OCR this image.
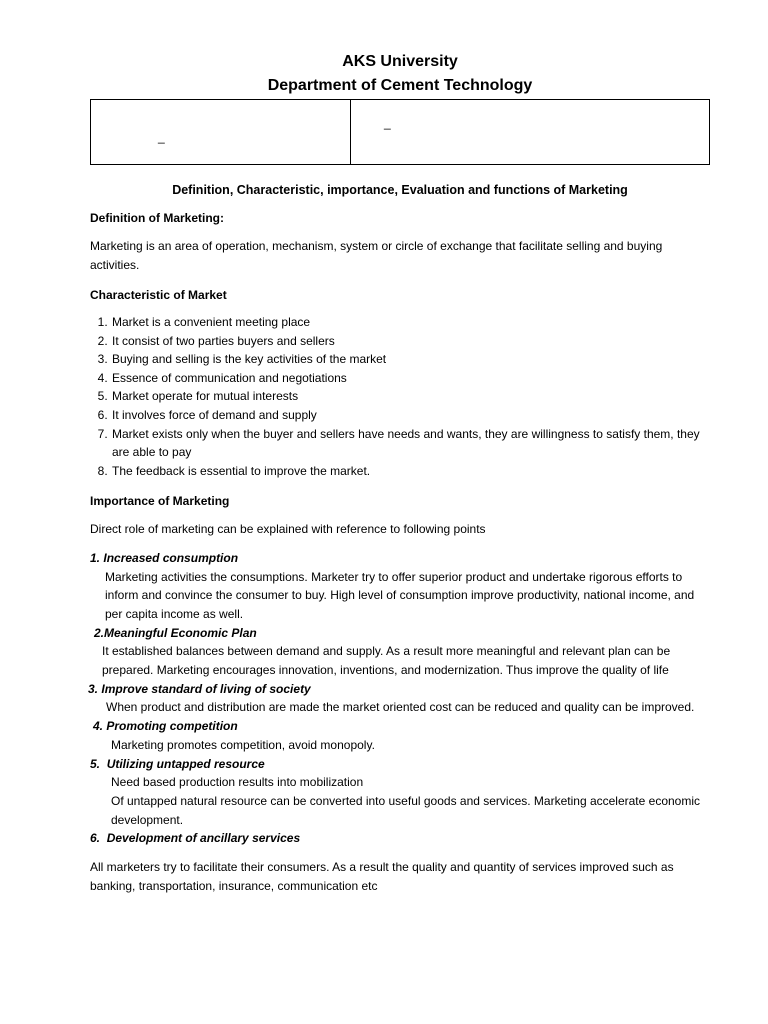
AKS University
Department of Cement Technology
_
_
Definition, Characteristic, importance, Evaluation and functions of Marketing
Definition of Marketing:
Marketing is an area of operation, mechanism, system or circle of exchange that facilitate selling and buying activities.
Characteristic of Market
1. Market is a convenient meeting place
2. It consist of two parties buyers and sellers
3. Buying and selling is the key activities of the market
4. Essence of communication and negotiations
5. Market operate for mutual interests
6. It involves force of demand and supply
7. Market exists only when the buyer and sellers have needs and wants, they are willingness to satisfy them, they are able to pay
8. The feedback is essential to improve the market.
Importance of Marketing
Direct role of marketing can be explained with reference to following points
1. Increased consumption
Marketing activities the consumptions. Marketer try to offer superior product and undertake rigorous efforts to inform and convince the consumer to buy. High level of consumption improve productivity, national income, and per capita income as well.
2.Meaningful Economic Plan
It established balances between demand and supply. As a result more meaningful and relevant plan can be prepared. Marketing encourages innovation, inventions, and modernization. Thus improve the quality of life
3. Improve standard of living of society
When product and distribution are made the market oriented cost can be reduced and quality can be improved.
4. Promoting competition
Marketing promotes competition, avoid monopoly.
5. Utilizing untapped resource
Need based production results into mobilization
Of untapped natural resource can be converted into useful goods and services. Marketing accelerate economic development.
6. Development of ancillary services
All marketers try to facilitate their consumers. As a result the quality and quantity of services improved such as banking, transportation, insurance, communication etc
